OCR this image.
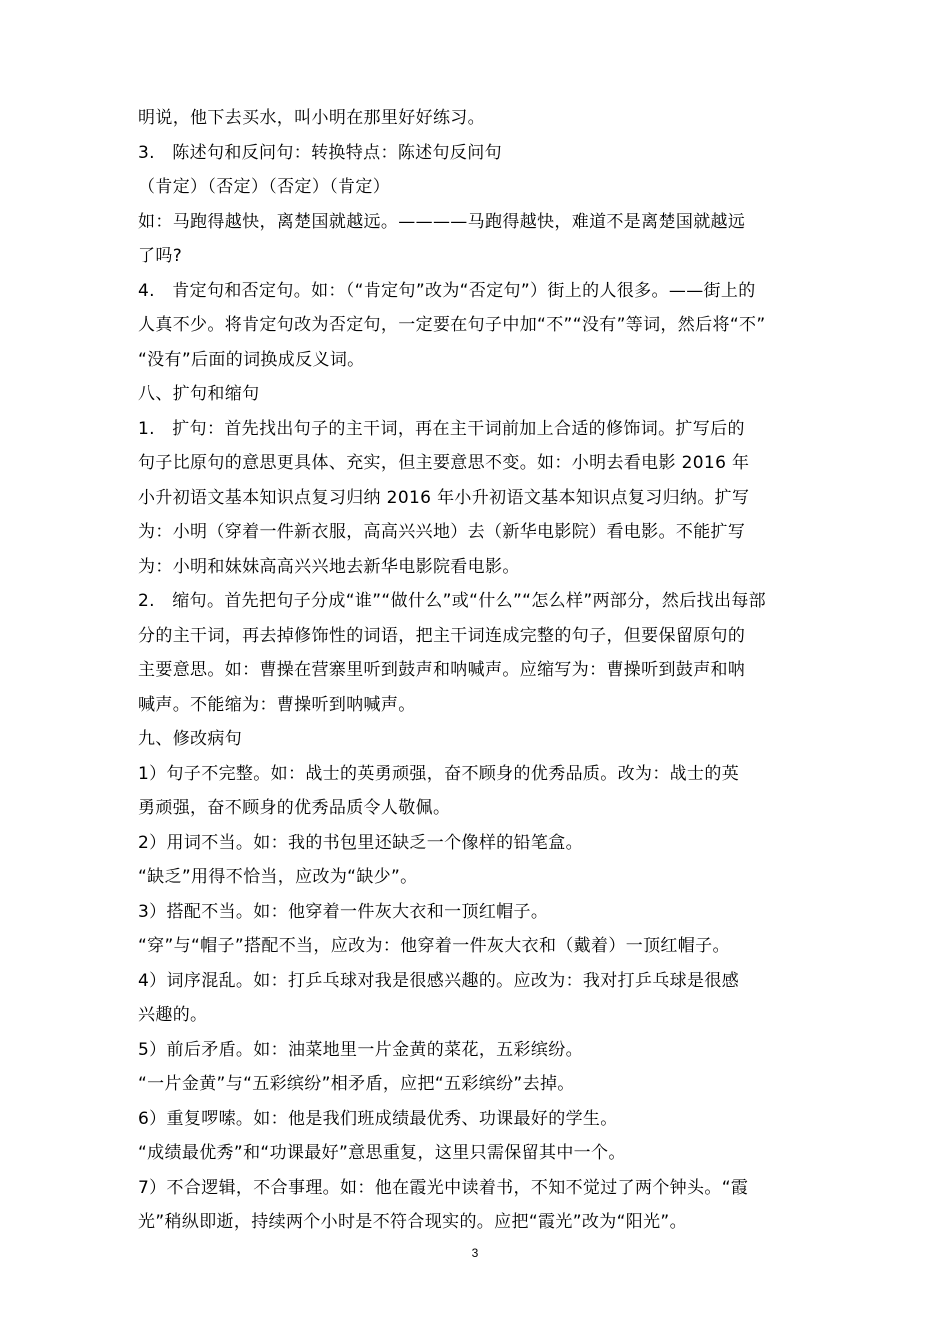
明说，他下去买水，叫小明在那里好好练习。
3.　陈述句和反问句：转换特点：陈述句反问句
（肯定）（否定）（否定）（肯定）
如：马跑得越快，离楚国就越远。————马跑得越快，难道不是离楚国就越远
了吗?
4.　肯定句和否定句。如：（“肯定句”改为“否定句”）街上的人很多。——街上的
人真不少。将肯定句改为否定句，一定要在句子中加“不”“没有”等词，然后将“不”
“没有”后面的词换成反义词。
八、扩句和缩句
1.　扩句：首先找出句子的主干词，再在主干词前加上合适的修饰词。扩写后的
句子比原句的意思更具体、充实，但主要意思不变。如：小明去看电影 2016 年
小升初语文基本知识点复习归纳 2016 年小升初语文基本知识点复习归纳。扩写
为：小明（穿着一件新衣服，高高兴兴地）去（新华电影院）看电影。不能扩写
为：小明和妹妹高高兴兴地去新华电影院看电影。
2.　缩句。首先把句子分成“谁”“做什么”或“什么”“怎么样”两部分，然后找出每部
分的主干词，再去掉修饰性的词语，把主干词连成完整的句子，但要保留原句的
主要意思。如：曹操在营寨里听到鼓声和呐喊声。应缩写为：曹操听到鼓声和呐
喊声。不能缩为：曹操听到呐喊声。
九、修改病句
1）句子不完整。如：战士的英勇顽强，奋不顾身的优秀品质。改为：战士的英
勇顽强，奋不顾身的优秀品质令人敬佩。
2）用词不当。如：我的书包里还缺乏一个像样的铅笔盒。
“缺乏”用得不恰当，应改为“缺少”。
3）搭配不当。如：他穿着一件灰大衣和一顶红帽子。
“穿”与“帽子”搭配不当，应改为：他穿着一件灰大衣和（戴着）一顶红帽子。
4）词序混乱。如：打乒乓球对我是很感兴趣的。应改为：我对打乒乓球是很感
兴趣的。
5）前后矛盾。如：油菜地里一片金黄的菜花，五彩缤纷。
“一片金黄”与“五彩缤纷”相矛盾，应把“五彩缤纷”去掉。
6）重复啰嗦。如：他是我们班成绩最优秀、功课最好的学生。
“成绩最优秀”和“功课最好”意思重复，这里只需保留其中一个。
7）不合逻辑，不合事理。如：他在霞光中读着书，不知不觉过了两个钟头。“霞
光”稍纵即逝，持续两个小时是不符合现实的。应把“霞光”改为“阳光”。
3
